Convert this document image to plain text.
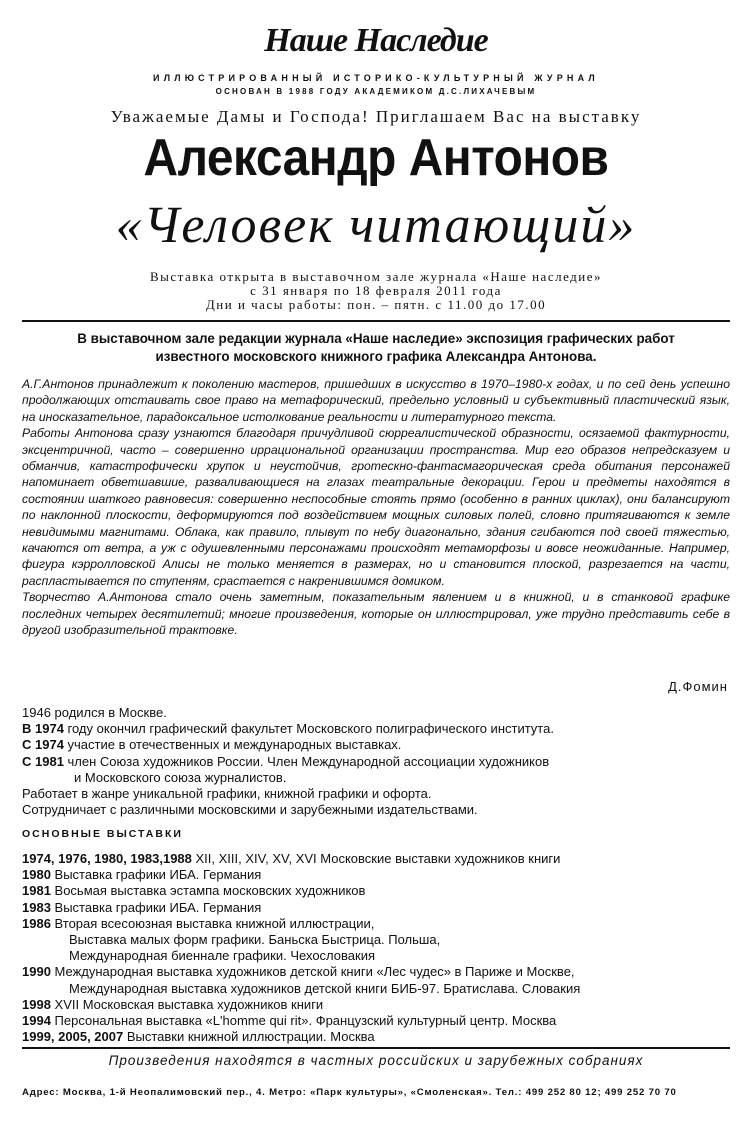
Наше Наследие
ИЛЛЮСТРИРОВАННЫЙ ИСТОРИКО-КУЛЬТУРНЫЙ ЖУРНАЛ
ОСНОВАН В 1988 ГОДУ АКАДЕМИКОМ Д.С.ЛИХАЧЕВЫМ
Уважаемые Дамы и Господа! Приглашаем Вас на выставку
Александр Антонов
«Человек читающий»
Выставка открыта в выставочном зале журнала «Наше наследие»
с 31 января по 18 февраля 2011 года
Дни и часы работы: пон. – пятн. с 11.00 до 17.00
В выставочном зале редакции журнала «Наше наследие» экспозиция графических работ
известного московского книжного графика Александра Антонова.

А.Г.Антонов принадлежит к поколению мастеров, пришедших в искусство в 1970–1980-х годах, и по сей день успешно продолжающих отстаивать свое право на метафорический, предельно условный и субъективный пластический язык, на иносказательное, парадоксальное истолкование реальности и литературного текста.

Работы Антонова сразу узнаются благодаря причудливой сюрреалистической образности, осязаемой фактурности, эксцентричной, часто – совершенно иррациональной организации пространства. Мир его образов непредсказуем и обманчив, катастрофически хрупок и неустойчив, гротескно-фантасмагорическая среда обитания персонажей напоминает обветшавшие, разваливающиеся на глазах театральные декорации. Герои и предметы находятся в состоянии шаткого равновесия: совершенно неспособные стоять прямо (особенно в ранних циклах), они балансируют по наклонной плоскости, деформируются под воздействием мощных силовых полей, словно притягиваются к земле невидимыми магнитами. Облака, как правило, плывут по небу диагонально, здания сгибаются под своей тяжестью, качаются от ветра, а уж с одушевленными персонажами происходят метаморфозы и вовсе неожиданные. Например, фигура кэрролловской Алисы не только меняется в размерах, но и становится плоской, разрезается на части, распластывается по ступеням, срастается с накренившимся домиком.

Творчество А.Антонова стало очень заметным, показательным явлением и в книжной, и в станковой графике последних четырех десятилетий; многие произведения, которые он иллюстрировал, уже трудно представить себе в другой изобразительной трактовке.

Д.Фомин
1946 родился в Москве.
В 1974 году окончил графический факультет Московского полиграфического института.
С 1974 участие в отечественных и международных выставках.
С 1981 член Союза художников России. Член Международной ассоциации художников
и Московского союза журналистов.
Работает в жанре уникальной графики, книжной графики и офорта.
Сотрудничает с различными московскими и зарубежными издательствами.
ОСНОВНЫЕ ВЫСТАВКИ
1974, 1976, 1980, 1983,1988 XII, XIII, XIV, XV, XVI Московские выставки художников книги
1980 Выставка графики ИБА. Германия
1981 Восьмая выставка эстампа московских художников
1983 Выставка графики ИБА. Германия
1986 Вторая всесоюзная выставка книжной иллюстрации,
Выставка малых форм графики. Баньска Быстрица. Польша,
Международная биеннале графики. Чехословакия
1990 Международная выставка художников детской книги «Лес чудес» в Париже и Москве,
Международная выставка художников детской книги БИБ-97. Братиславa. Словакия
1998 XVII Московская выставка художников книги
1994 Персональная выставка «L'homme qui rit». Французский культурный центр. Москва
1999, 2005, 2007 Выставки книжной иллюстрации. Москва
Произведения находятся в частных российских и зарубежных собраниях
Адрес: Москва, 1-й Неопалимовский пер., 4. Метро: «Парк культуры», «Смоленская». Тел.: 499 252 80 12; 499 252 70 70
